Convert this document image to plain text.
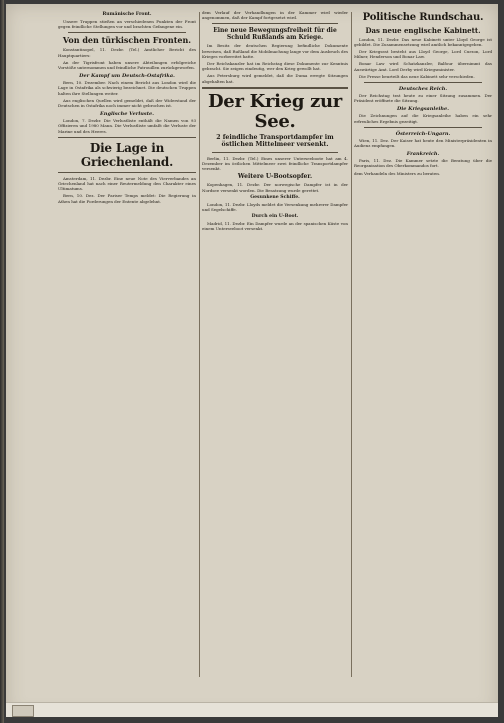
Rumänische Front.

Unsere Truppen stießen an verschiedenen Punkten der Front gegen feindliche Stellungen vor und brachten Gefangene ein.

Von den türkischen Fronten.

Konstantinopel, 11. Dezbr. (Tel.) Amtlicher Bericht des Hauptquartiers:

An der Tigrisfront haben unsere Abteilungen erfolgreiche Vorstöße unternommen und feindliche Patrouillen zurückgeworfen.

Der Kampf um Deutsch-Ostafrika.

Bern, 10. Dezember. Nach einem Bericht aus London wird die Lage in Ostafrika als schwierig bezeichnet. Die deutschen Truppen halten ihre Stellungen weiter.

Aus englischen Quellen wird gemeldet, daß der Widerstand der Deutschen in Ostafrika noch immer nicht gebrochen ist.

Englische Verluste.

London, 7. Dezbr. Die Verlustliste enthält die Namen von 93 Offizieren und 1980 Mann. Die Verlustliste umfaßt die Verluste der Marine und des Heeres.

Die Lage in Griechenland.

Amsterdam, 11. Dezbr. Eine neue Note des Vierverbandes an Griechenland hat nach einer Reutermeldung den Charakter eines Ultimatums.

Bern, 10. Dez. Der Pariser Temps meldet: Die Regierung in Athen hat die Forderungen der Entente abgelehnt.

dem Verlauf der Verhandlungen in der Kammer wird wieder angenommen, daß der Kampf fortgesetzt wird.

Eine neue Bewegungsfreiheit für die Schuld Rußlands am Kriege.

Im Besitz der deutschen Regierung befindliche Dokumente beweisen, daß Rußland die Mobilmachung lange vor dem Ausbruch des Krieges vorbereitet hatte.

Der Reichskanzler hat im Reichstag diese Dokumente zur Kenntnis gebracht. Sie zeigen eindeutig, wer den Krieg gewollt hat.

Aus Petersburg wird gemeldet, daß die Duma erregte Sitzungen abgehalten hat.

Der Krieg zur See.
2 feindliche Transportdampfer im östlichen Mittelmeer versenkt.

Berlin, 11. Dezbr. (Tel.) Eines unserer Unterseeboote hat am 4. Dezember im östlichen Mittelmeer zwei feindliche Transportdampfer versenkt.

Weitere U-Bootsopfer.

Kopenhagen, 11. Dezbr. Der norwegische Dampfer ist in der Nordsee versenkt worden. Die Besatzung wurde gerettet.

Gesunkene Schiffe.

London, 11. Dezbr. Lloyds meldet die Versenkung mehrerer Dampfer und Segelschiffe.

Durch ein U-Boot.

Madrid, 11. Dezbr. Ein Dampfer wurde an der spanischen Küste von einem Unterseeboot versenkt.

Politische Rundschau.
Das neue englische Kabinett.

London, 11. Dezbr. Das neue Kabinett unter Lloyd George ist gebildet. Die Zusammensetzung wird amtlich bekanntgegeben.

Der Kriegsrat besteht aus Lloyd George, Lord Curzon, Lord Milner, Henderson und Bonar Law.

Bonar Law wird Schatzkanzler, Balfour übernimmt das Auswärtige Amt. Lord Derby wird Kriegsminister.

Die Presse beurteilt das neue Kabinett sehr verschieden.

Deutsches Reich.

Der Reichstag trat heute zu einer Sitzung zusammen. Der Präsident eröffnete die Sitzung.

Die Kriegsanleihe.

Die Zeichnungen auf die Kriegsanleihe haben ein sehr erfreuliches Ergebnis gezeitigt.

Österreich-Ungarn.

Wien, 11. Dez. Der Kaiser hat heute den Ministerpräsidenten in Audienz empfangen.

Frankreich.

Paris, 11. Dez. Die Kammer setzte die Beratung über die Reorganisation des Oberkommandos fort.

dem Verhandeln des Ministers zu beraten.
